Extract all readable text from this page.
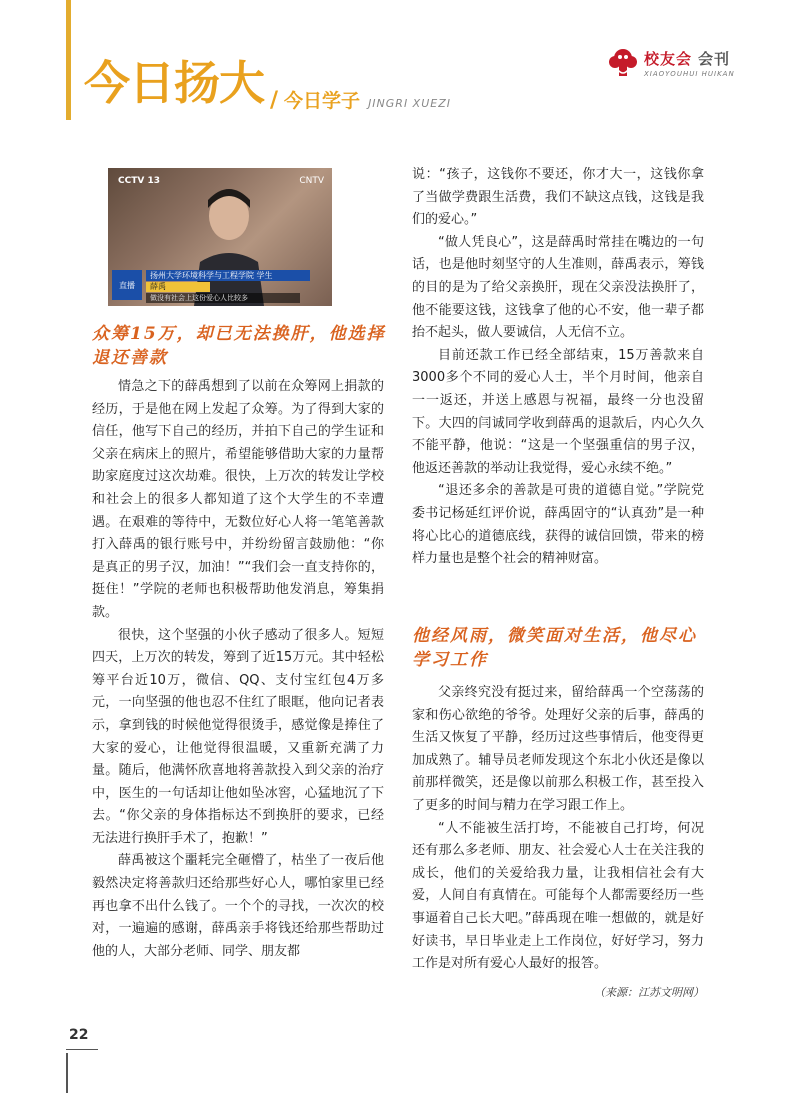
今日扬大 / 今日学子 JINGRI XUEZI
校友会 会刊
XIAOYOUHUI HUIKAN
CCTV 13	CNTV
直播
扬州大学环境科学与工程学院 学生
薛禹
做没有社会上这份爱心人比较多
众筹15万，却已无法换肝，他选择退还善款

情急之下的薛禹想到了以前在众筹网上捐款的经历，于是他在网上发起了众筹。为了得到大家的信任，他写下自己的经历，并拍下自己的学生证和父亲在病床上的照片，希望能够借助大家的力量帮助家庭度过这次劫难。很快，上万次的转发让学校和社会上的很多人都知道了这个大学生的不幸遭遇。在艰难的等待中，无数位好心人将一笔笔善款打入薛禹的银行账号中，并纷纷留言鼓励他：“你是真正的男子汉，加油！”“我们会一直支持你的，挺住！”学院的老师也积极帮助他发消息，筹集捐款。

很快，这个坚强的小伙子感动了很多人。短短四天，上万次的转发，筹到了近15万元。其中轻松筹平台近10万，微信、QQ、支付宝红包4万多元，一向坚强的他也忍不住红了眼眶，他向记者表示，拿到钱的时候他觉得很烫手，感觉像是捧住了大家的爱心，让他觉得很温暖，又重新充满了力量。随后，他满怀欣喜地将善款投入到父亲的治疗中，医生的一句话却让他如坠冰窖，心猛地沉了下去。“你父亲的身体指标达不到换肝的要求，已经无法进行换肝手术了，抱歉！”

薛禹被这个噩耗完全砸懵了，枯坐了一夜后他毅然决定将善款归还给那些好心人，哪怕家里已经再也拿不出什么钱了。一个个的寻找，一次次的校对，一遍遍的感谢，薛禹亲手将钱还给那些帮助过他的人，大部分老师、同学、朋友都

说：“孩子，这钱你不要还，你才大一，这钱你拿了当做学费跟生活费，我们不缺这点钱，这钱是我们的爱心。”

“做人凭良心”，这是薛禹时常挂在嘴边的一句话，也是他时刻坚守的人生准则，薛禹表示，筹钱的目的是为了给父亲换肝，现在父亲没法换肝了，他不能要这钱，这钱拿了他的心不安，他一辈子都抬不起头，做人要诚信，人无信不立。

目前还款工作已经全部结束，15万善款来自3000多个不同的爱心人士，半个月时间，他亲自一一返还，并送上感恩与祝福，最终一分也没留下。大四的闫诚同学收到薛禹的退款后，内心久久不能平静，他说：“这是一个坚强重信的男子汉，他返还善款的举动让我觉得，爱心永续不绝。”

“退还多余的善款是可贵的道德自觉。”学院党委书记杨延红评价说，薛禹固守的“认真劲”是一种将心比心的道德底线，获得的诚信回馈，带来的榜样力量也是整个社会的精神财富。

他经风雨，微笑面对生活，他尽心学习工作

父亲终究没有挺过来，留给薛禹一个空荡荡的家和伤心欲绝的爷爷。处理好父亲的后事，薛禹的生活又恢复了平静，经历过这些事情后，他变得更加成熟了。辅导员老师发现这个东北小伙还是像以前那样微笑，还是像以前那么积极工作，甚至投入了更多的时间与精力在学习跟工作上。

“人不能被生活打垮，不能被自己打垮，何况还有那么多老师、朋友、社会爱心人士在关注我的成长，他们的关爱给我力量，让我相信社会有大爱，人间自有真情在。可能每个人都需要经历一些事逼着自己长大吧。”薛禹现在唯一想做的，就是好好读书，早日毕业走上工作岗位，好好学习，努力工作是对所有爱心人最好的报答。

（来源：江苏文明网）
22
